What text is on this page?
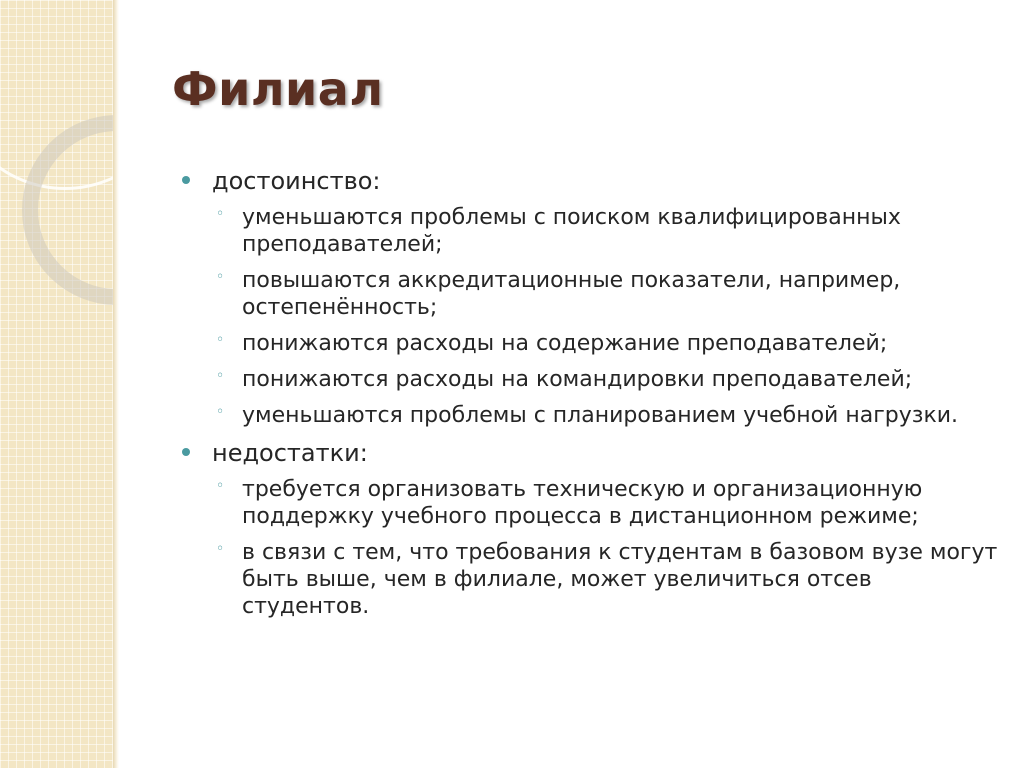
Филиал
достоинство:
◦ уменьшаются проблемы с поиском квалифицированных преподавателей;
◦ повышаются аккредитационные показатели, например, остепенённость;
◦ понижаются расходы на содержание преподавателей;
◦ понижаются расходы на командировки преподавателей;
◦ уменьшаются проблемы с планированием учебной нагрузки.
недостатки:
◦ требуется организовать техническую и организационную поддержку учебного процесса в дистанционном режиме;
◦ в связи с тем, что требования к студентам в базовом вузе могут быть выше, чем в филиале, может увеличиться отсев студентов.
